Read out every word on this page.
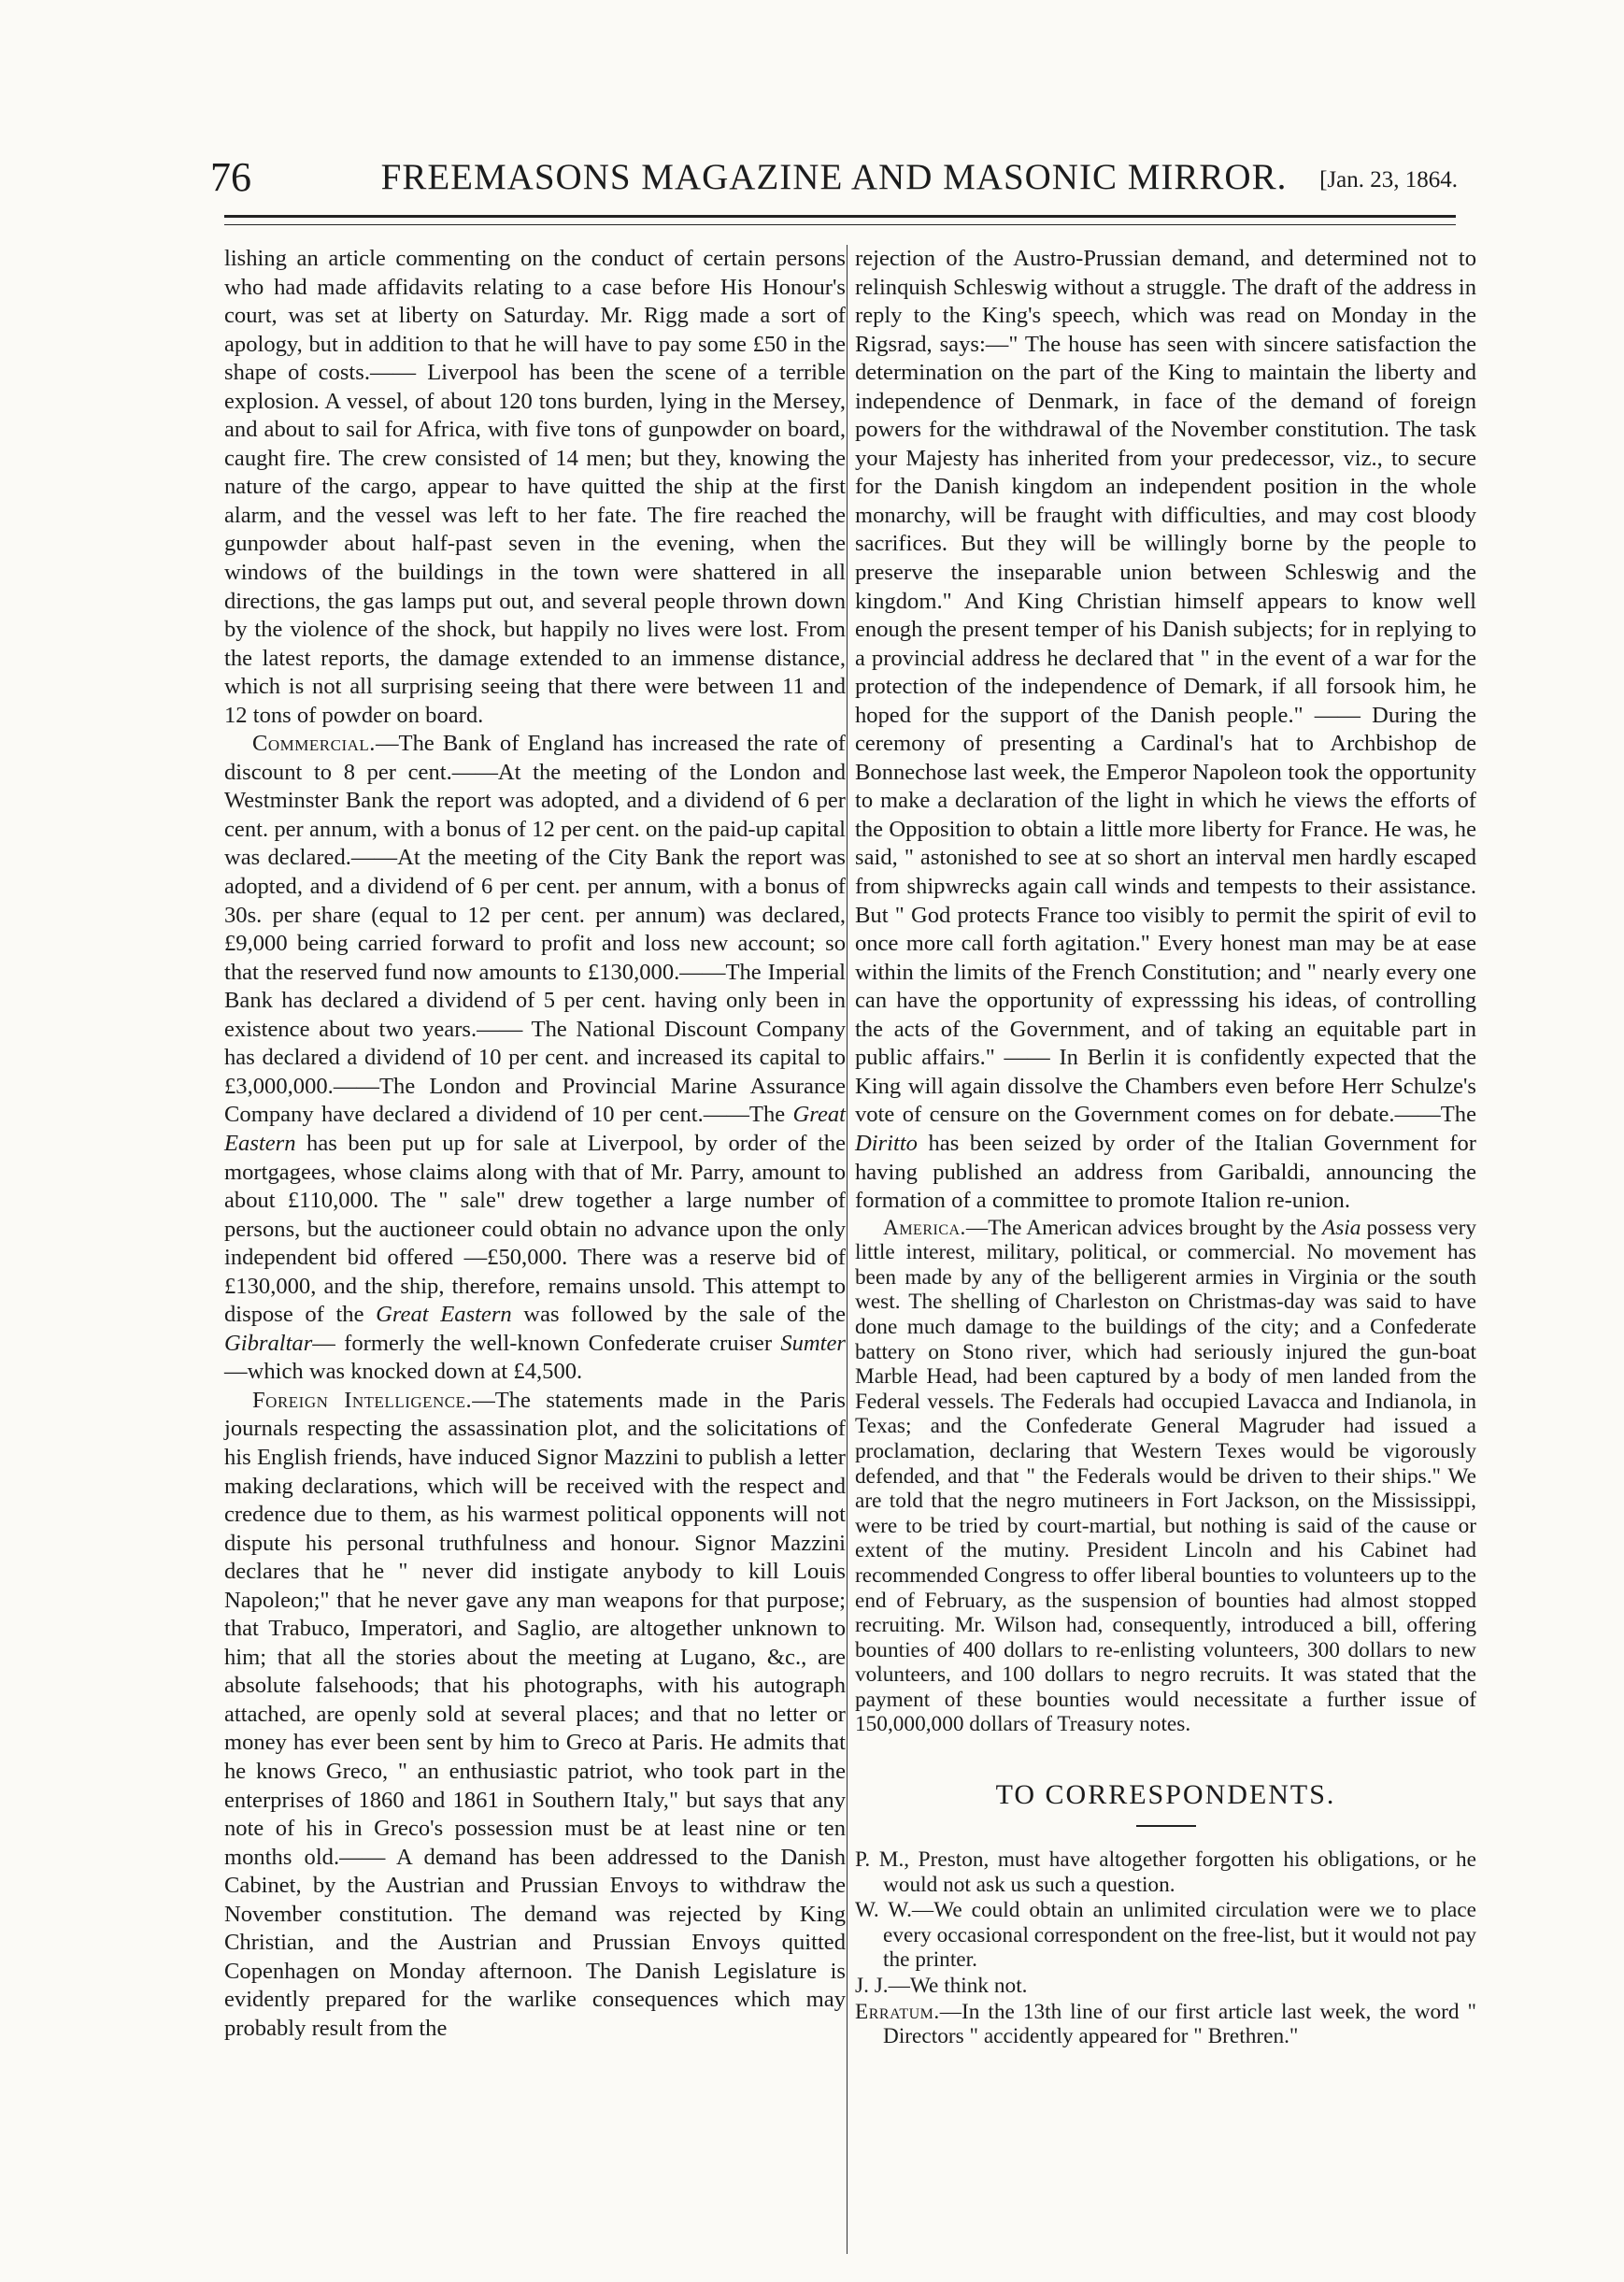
76	FREEMASONS MAGAZINE AND MASONIC MIRROR.	[Jan. 23, 1864.

lishing an article commenting on the conduct of certain persons who had made affidavits relating to a case before His Honour's court, was set at liberty on Saturday. Mr. Rigg made a sort of apology, but in addition to that he will have to pay some £50 in the shape of costs.—— Liverpool has been the scene of a terrible explosion. A vessel, of about 120 tons burden, lying in the Mersey, and about to sail for Africa, with five tons of gunpowder on board, caught fire. The crew consisted of 14 men; but they, knowing the nature of the cargo, appear to have quitted the ship at the first alarm, and the vessel was left to her fate. The fire reached the gunpowder about half-past seven in the evening, when the windows of the buildings in the town were shattered in all directions, the gas lamps put out, and several people thrown down by the violence of the shock, but happily no lives were lost. From the latest reports, the damage extended to an immense distance, which is not all surprising seeing that there were between 11 and 12 tons of powder on board.

Commercial.—The Bank of England has increased the rate of discount to 8 per cent.——At the meeting of the London and Westminster Bank the report was adopted, and a dividend of 6 per cent. per annum, with a bonus of 12 per cent. on the paid-up capital was declared.——At the meeting of the City Bank the report was adopted, and a dividend of 6 per cent. per annum, with a bonus of 30s. per share (equal to 12 per cent. per annum) was declared, £9,000 being carried forward to profit and loss new account; so that the reserved fund now amounts to £130,000.——The Imperial Bank has declared a dividend of 5 per cent. having only been in existence about two years.—— The National Discount Company has declared a dividend of 10 per cent. and increased its capital to £3,000,000.——The London and Provincial Marine Assurance Company have declared a dividend of 10 per cent.——The Great Eastern has been put up for sale at Liverpool, by order of the mortgagees, whose claims along with that of Mr. Parry, amount to about £110,000. The " sale" drew together a large number of persons, but the auctioneer could obtain no advance upon the only independent bid offered —£50,000. There was a reserve bid of £130,000, and the ship, therefore, remains unsold. This attempt to dispose of the Great Eastern was followed by the sale of the Gibraltar— formerly the well-known Confederate cruiser Sumter—which was knocked down at £4,500.

Foreign Intelligence.—The statements made in the Paris journals respecting the assassination plot, and the solicitations of his English friends, have induced Signor Mazzini to publish a letter making declarations, which will be received with the respect and credence due to them, as his warmest political opponents will not dispute his personal truthfulness and honour. Signor Mazzini declares that he " never did instigate anybody to kill Louis Napoleon;" that he never gave any man weapons for that purpose; that Trabuco, Imperatori, and Saglio, are altogether unknown to him; that all the stories about the meeting at Lugano, &c., are absolute falsehoods; that his photographs, with his autograph attached, are openly sold at several places; and that no letter or money has ever been sent by him to Greco at Paris. He admits that he knows Greco, " an enthusiastic patriot, who took part in the enterprises of 1860 and 1861 in Southern Italy," but says that any note of his in Greco's possession must be at least nine or ten months old.—— A demand has been addressed to the Danish Cabinet, by the Austrian and Prussian Envoys to withdraw the November constitution. The demand was rejected by King Christian, and the Austrian and Prussian Envoys quitted Copenhagen on Monday afternoon. The Danish Legislature is evidently prepared for the warlike consequences which may probably result from the

rejection of the Austro-Prussian demand, and determined not to relinquish Schleswig without a struggle. The draft of the address in reply to the King's speech, which was read on Monday in the Rigsrad, says:—" The house has seen with sincere satisfaction the determination on the part of the King to maintain the liberty and independence of Denmark, in face of the demand of foreign powers for the withdrawal of the November constitution. The task your Majesty has inherited from your predecessor, viz., to secure for the Danish kingdom an independent position in the whole monarchy, will be fraught with difficulties, and may cost bloody sacrifices. But they will be willingly borne by the people to preserve the inseparable union between Schleswig and the kingdom." And King Christian himself appears to know well enough the present temper of his Danish subjects; for in replying to a provincial address he declared that " in the event of a war for the protection of the independence of Demark, if all forsook him, he hoped for the support of the Danish people." —— During the ceremony of presenting a Cardinal's hat to Archbishop de Bonnechose last week, the Emperor Napoleon took the opportunity to make a declaration of the light in which he views the efforts of the Opposition to obtain a little more liberty for France. He was, he said, " astonished to see at so short an interval men hardly escaped from shipwrecks again call winds and tempests to their assistance. But " God protects France too visibly to permit the spirit of evil to once more call forth agitation." Every honest man may be at ease within the limits of the French Constitution; and " nearly every one can have the opportunity of expresssing his ideas, of controlling the acts of the Government, and of taking an equitable part in public affairs." —— In Berlin it is confidently expected that the King will again dissolve the Chambers even before Herr Schulze's vote of censure on the Government comes on for debate.——The Diritto has been seized by order of the Italian Government for having published an address from Garibaldi, announcing the formation of a committee to promote Italion re-union.

America.—The American advices brought by the Asia possess very little interest, military, political, or commercial. No movement has been made by any of the belligerent armies in Virginia or the south west. The shelling of Charleston on Christmas-day was said to have done much damage to the buildings of the city; and a Confederate battery on Stono river, which had seriously injured the gun-boat Marble Head, had been captured by a body of men landed from the Federal vessels. The Federals had occupied Lavacca and Indianola, in Texas; and the Confederate General Magruder had issued a proclamation, declaring that Western Texes would be vigorously defended, and that " the Federals would be driven to their ships." We are told that the negro mutineers in Fort Jackson, on the Mississippi, were to be tried by court-martial, but nothing is said of the cause or extent of the mutiny. President Lincoln and his Cabinet had recommended Congress to offer liberal bounties to volunteers up to the end of February, as the suspension of bounties had almost stopped recruiting. Mr. Wilson had, consequently, introduced a bill, offering bounties of 400 dollars to re-enlisting volunteers, 300 dollars to new volunteers, and 100 dollars to negro recruits. It was stated that the payment of these bounties would necessitate a further issue of 150,000,000 dollars of Treasury notes.

TO CORRESPONDENTS.

P. M., Preston, must have altogether forgotten his obligations, or he would not ask us such a question.

W. W.—We could obtain an unlimited circulation were we to place every occasional correspondent on the free-list, but it would not pay the printer.

J. J.—We think not.

Erratum.—In the 13th line of our first article last week, the word " Directors " accidently appeared for " Brethren."
